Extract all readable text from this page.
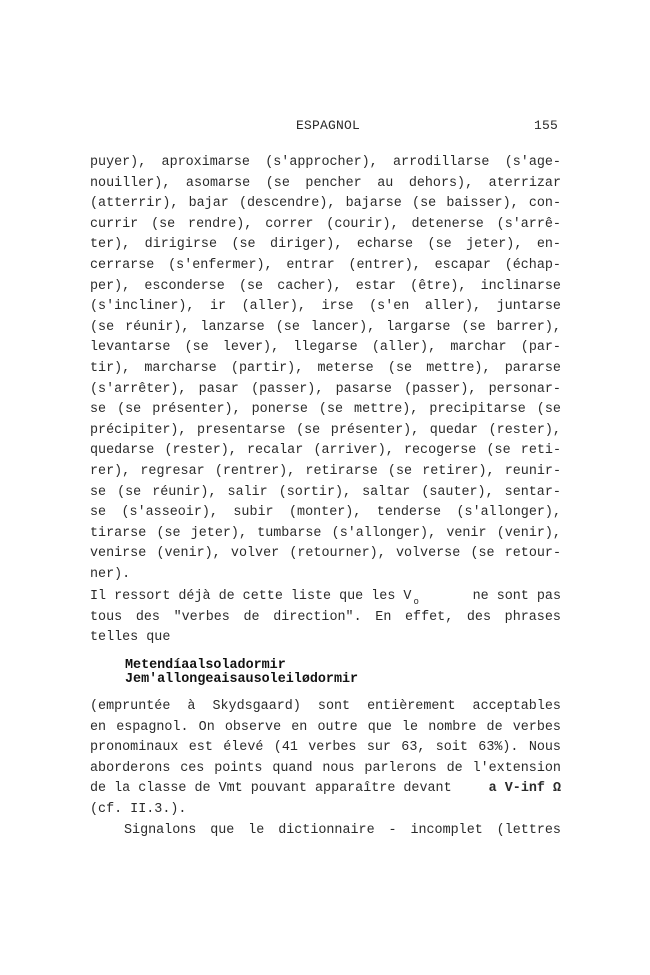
ESPAGNOL	155
puyer), aproximarse (s'approcher), arrodillarse (s'age-
nouiller), asomarse (se pencher au dehors), aterrizar
(atterrir), bajar (descendre), bajarse (se baisser), con-
currir (se rendre), correr (courir), detenerse (s'arrê-
ter), dirigirse (se diriger), echarse (se jeter), en-
cerrarse (s'enfermer), entrar (entrer), escapar (échap-
per), esconderse (se cacher), estar (être), inclinarse
(s'incliner), ir (aller), irse (s'en aller), juntarse
(se réunir), lanzarse (se lancer), largarse (se barrer),
levantarse (se lever), llegarse (aller), marchar (par-
tir), marcharse (partir), meterse (se mettre), pararse
(s'arrêter), pasar (passer), pasarse (passer), personar-
se (se présenter), ponerse (se mettre), precipitarse (se
précipiter), presentarse (se présenter), quedar (rester),
quedarse (rester), recalar (arriver), recogerse (se reti-
rer), regresar (rentrer), retirarse (se retirer), reunir-
se (se réunir), salir (sortir), saltar (sauter), sentar-
se (s'asseoir), subir (monter), tenderse (s'allonger),
tirarse (se jeter), tumbarse (s'allonger), venir (venir),
venirse (venir), volver (retourner), volverse (se retour-
ner).
Il ressort déjà de cette liste que les V $_o$	ne sont pas
tous des "verbes de direction". En effet, des phrases
telles que
Me tendía al sol a dormir
Je m'allongeais au soleil ø dormir
(empruntée à Skydsgaard) sont entièrement acceptables
en espagnol. On observe en outre que le nombre de verbes
pronominaux est élevé (41 verbes sur 63, soit 63%). Nous
aborderons ces points quand nous parlerons de l'extension
de la classe de Vmt pouvant apparaître devant	a V-inf Ω
(cf. II.3.).
Signalons que le dictionnaire - incomplet (lettres
